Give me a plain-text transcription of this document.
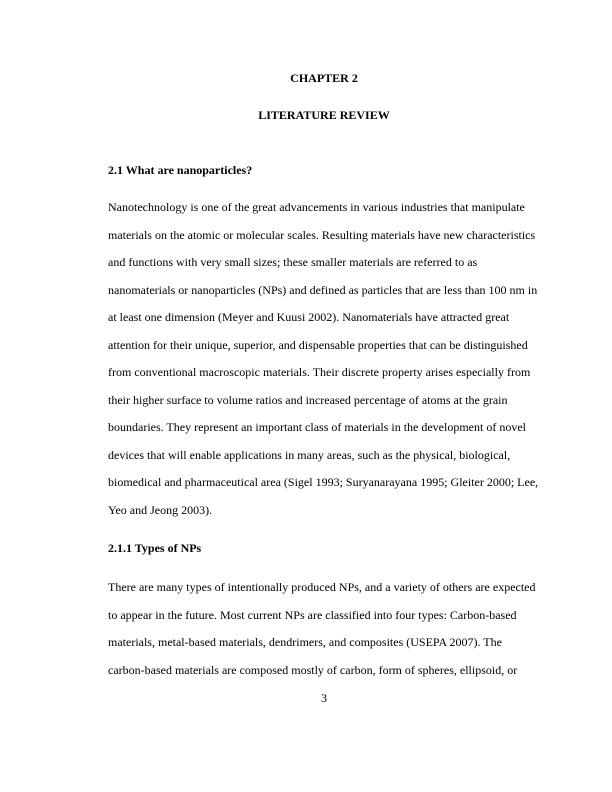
CHAPTER 2
LITERATURE REVIEW
2.1 What are nanoparticles?
Nanotechnology is one of the great advancements in various industries that manipulate
materials on the atomic or molecular scales. Resulting materials have new characteristics
and functions with very small sizes; these smaller materials are referred to as
nanomaterials or nanoparticles (NPs) and defined as particles that are less than 100 nm in
at least one dimension (Meyer and Kuusi 2002). Nanomaterials have attracted great
attention for their unique, superior, and dispensable properties that can be distinguished
from conventional macroscopic materials. Their discrete property arises especially from
their higher surface to volume ratios and increased percentage of atoms at the grain
boundaries. They represent an important class of materials in the development of novel
devices that will enable applications in many areas, such as the physical, biological,
biomedical and pharmaceutical area (Sigel 1993; Suryanarayana 1995; Gleiter 2000; Lee,
Yeo and Jeong 2003).
2.1.1 Types of NPs
There are many types of intentionally produced NPs, and a variety of others are expected
to appear in the future. Most current NPs are classified into four types: Carbon-based
materials, metal-based materials, dendrimers, and composites (USEPA 2007). The
carbon-based materials are composed mostly of carbon, form of spheres, ellipsoid, or
3
